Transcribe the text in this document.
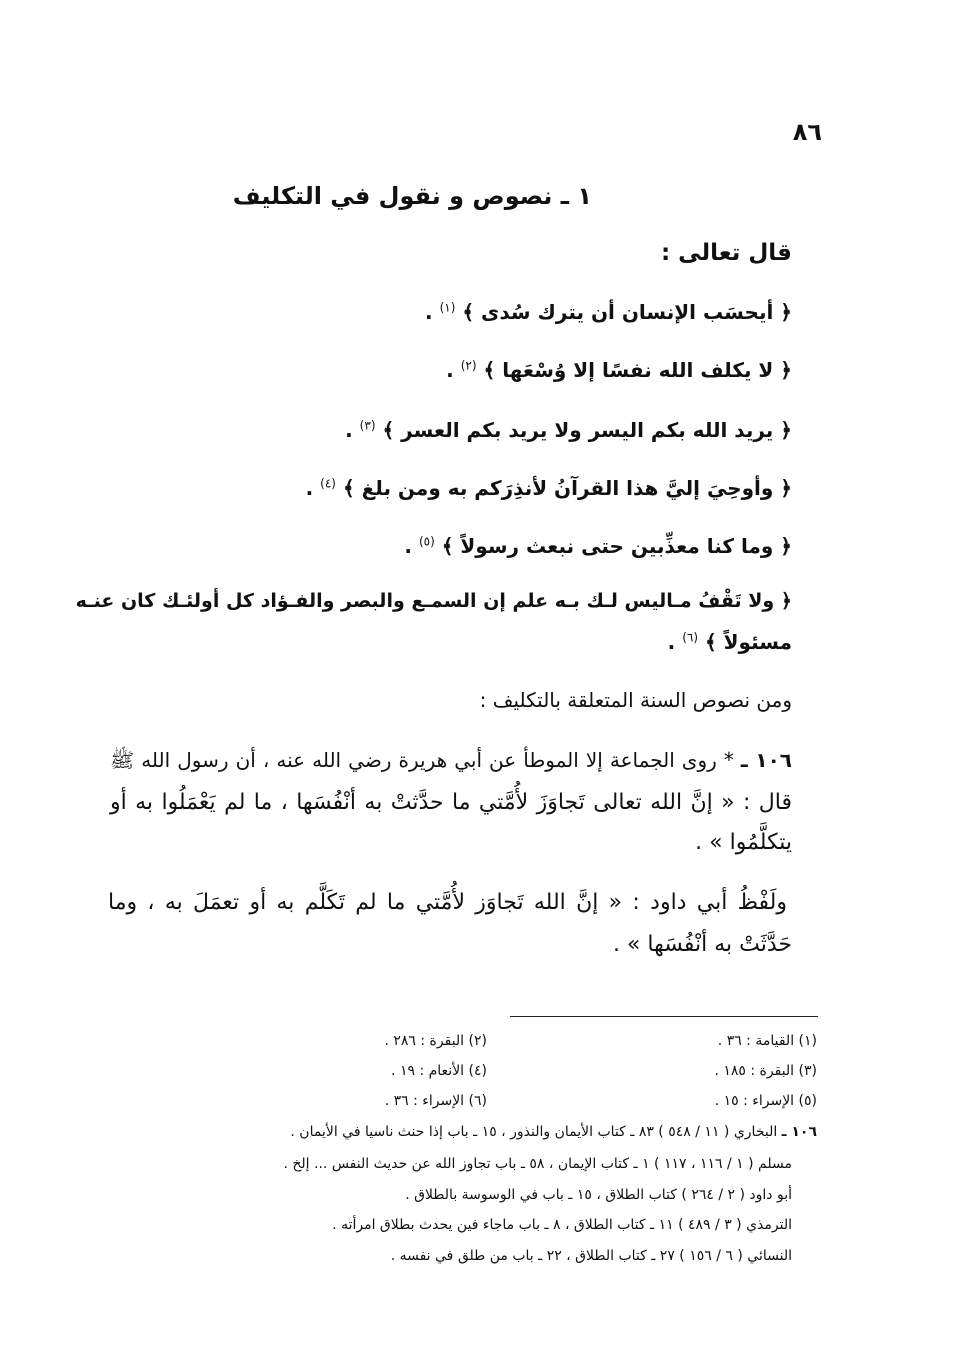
٨٦
١ ـ نصوص و نقول في التكليف
قال تعالى :
﴿ أيحسَب الإنسان أن يترك سُدى ﴾ $^{(١)}$ .
﴿ لا يكلف الله نفسًا إلا وُسْعَها ﴾ $^{(٢)}$ .
﴿ يريد الله بكم اليسر ولا يريد بكم العسر ﴾ $^{(٣)}$ .
﴿ وأوحِيَ إليَّ هذا القرآنُ لأنذِرَكم به ومن بلغ ﴾ $^{(٤)}$ .
﴿ وما كنا معذِّبين حتى نبعث رسولاً ﴾ $^{(٥)}$ .
﴿ ولا تَقْفُ مـاليس لـك بـه علم إن السمـع والبصر والفـؤاد كل أولئـك كان عنـه
مسئولاً ﴾ $^{(٦)}$ .
ومن نصوص السنة المتعلقة بالتكليف :
١٠٦ ـ * روى الجماعة إلا الموطأ عن أبي هريرة رضي الله عنه ، أن رسول الله ﷺ
قال : « إنَّ الله تعالى تَجاوَزَ لأُمَّتي ما حدَّثتْ به أنْفُسَها ، ما لم يَعْمَلُوا به أو
يتكلَّمُوا » .
ولَفْظُ أبي داود : « إنَّ الله تَجاوَز لأُمَّتي ما لم تَكَلَّم به أو تعمَلَ به ، وما
حَدَّثَتْ به أنْفُسَها » .
(١) القيامة : ٣٦ .
(٢) البقرة : ٢٨٦ .
(٣) البقرة : ١٨٥ .
(٤) الأنعام : ١٩ .
(٥) الإسراء : ١٥ .
(٦) الإسراء : ٣٦ .
١٠٦ ـ البخاري ( ١١ / ٥٤٨ ) ٨٣ ـ كتاب الأيمان والنذور ، ١٥ ـ باب إذا حنث ناسيا في الأيمان .
مسلم ( ١ / ١١٦ ، ١١٧ ) ١ ـ كتاب الإيمان ، ٥٨ ـ باب تجاوز الله عن حديث النفس ... إلخ .
أبو داود ( ٢ / ٢٦٤ ) كتاب الطلاق ، ١٥ ـ باب في الوسوسة بالطلاق .
الترمذي ( ٣ / ٤٨٩ ) ١١ ـ كتاب الطلاق ، ٨ ـ باب ماجاء فين يحدث بطلاق امرأته .
النسائي ( ٦ / ١٥٦ ) ٢٧ ـ كتاب الطلاق ، ٢٢ ـ باب من طلق في نفسه .
